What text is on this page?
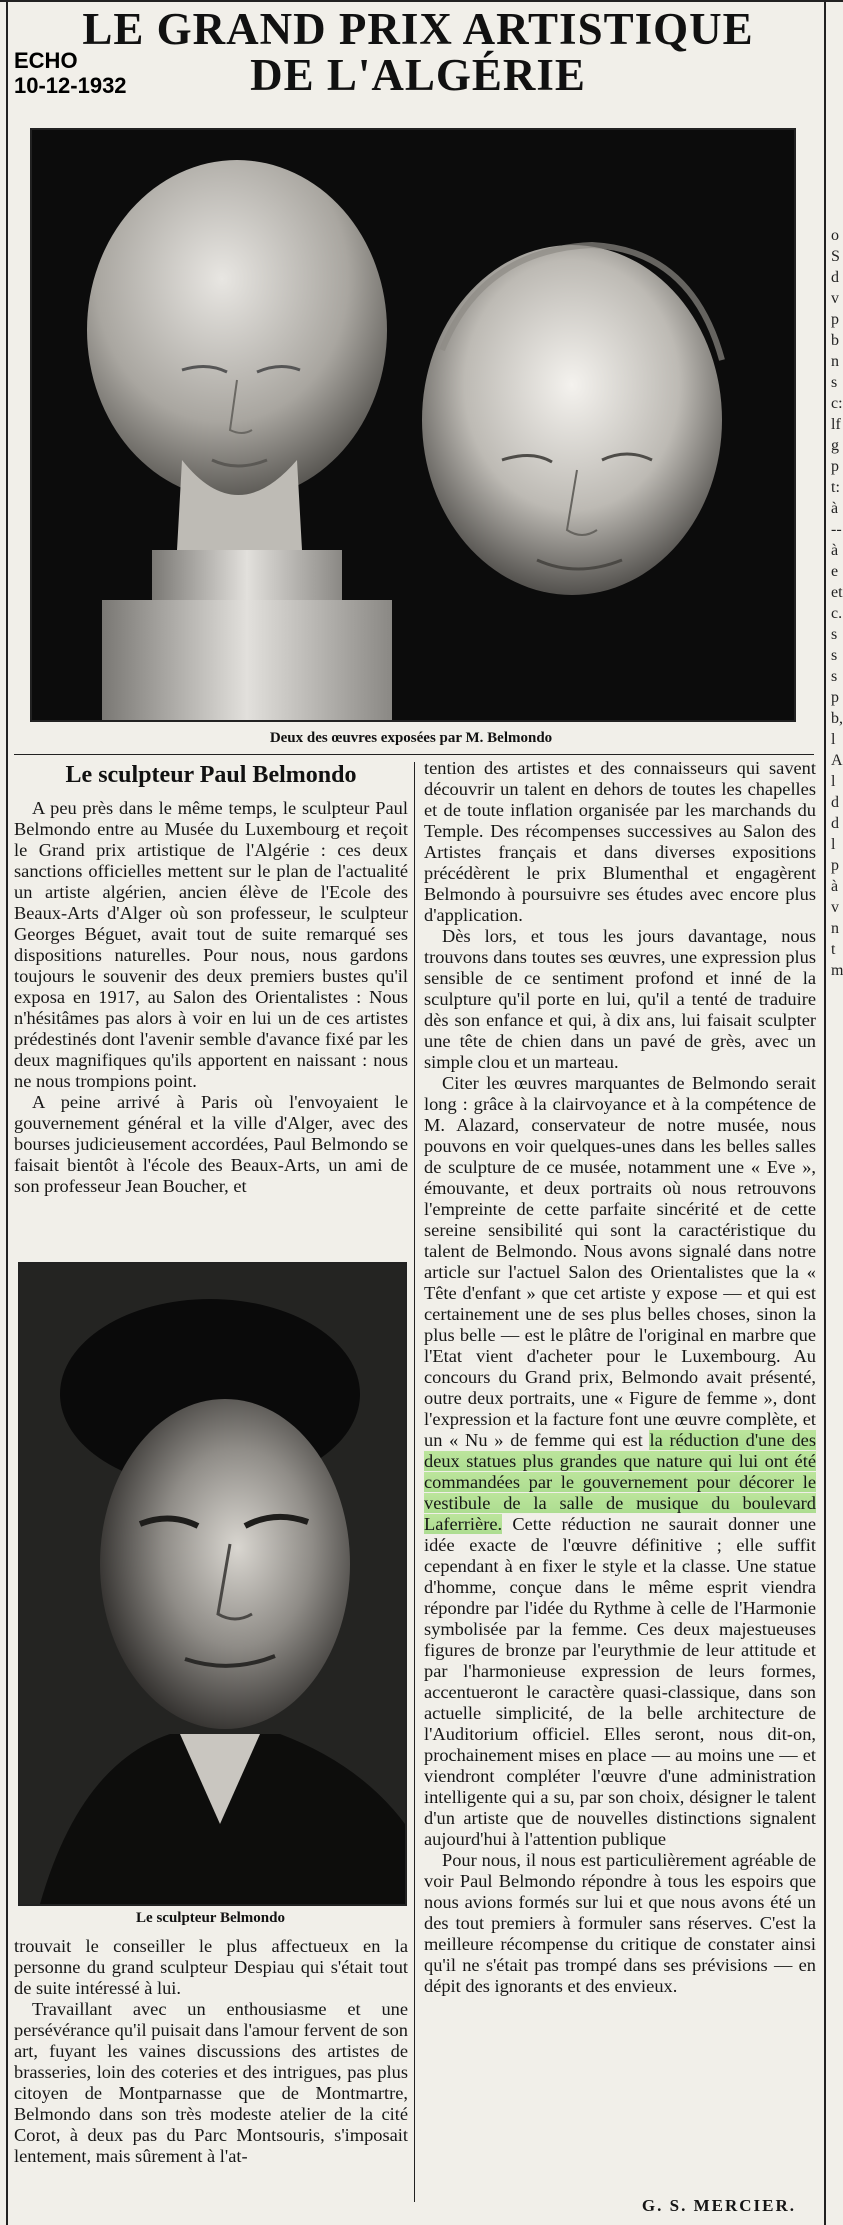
ECHO
10-12-1932
LE GRAND PRIX ARTISTIQUE
DE L'ALGÉRIE
Deux des œuvres exposées par M. Belmondo
Le sculpteur Paul Belmondo

A peu près dans le même temps, le sculpteur Paul Belmondo entre au Musée du Luxembourg et reçoit le Grand prix artistique de l'Algérie : ces deux sanctions officielles mettent sur le plan de l'actualité un artiste algérien, ancien élève de l'Ecole des Beaux-Arts d'Alger où son professeur, le sculpteur Georges Béguet, avait tout de suite remarqué ses dispositions naturelles. Pour nous, nous gardons toujours le souvenir des deux premiers bustes qu'il exposa en 1917, au Salon des Orientalistes : Nous n'hésitâmes pas alors à voir en lui un de ces artistes prédestinés dont l'avenir semble d'avance fixé par les deux magnifiques qu'ils apportent en naissant : nous ne nous trompions point.

A peine arrivé à Paris où l'envoyaient le gouvernement général et la ville d'Alger, avec des bourses judicieusement accordées, Paul Belmondo se faisait bientôt à l'école des Beaux-Arts, un ami de son professeur Jean Boucher, et

Le sculpteur Belmondo

trouvait le conseiller le plus affectueux en la personne du grand sculpteur Despiau qui s'était tout de suite intéressé à lui.

Travaillant avec un enthousiasme et une persévérance qu'il puisait dans l'amour fervent de son art, fuyant les vaines discussions des artistes de brasseries, loin des coteries et des intrigues, pas plus citoyen de Montparnasse que de Montmartre, Belmondo dans son très modeste atelier de la cité Corot, à deux pas du Parc Montsouris, s'imposait lentement, mais sûrement à l'at-

tention des artistes et des connaisseurs qui savent découvrir un talent en dehors de toutes les chapelles et de toute inflation organisée par les marchands du Temple. Des récompenses successives au Salon des Artistes français et dans diverses expositions précédèrent le prix Blumenthal et engagèrent Belmondo à poursuivre ses études avec encore plus d'application.

Dès lors, et tous les jours davantage, nous trouvons dans toutes ses œuvres, une expression plus sensible de ce sentiment profond et inné de la sculpture qu'il porte en lui, qu'il a tenté de traduire dès son enfance et qui, à dix ans, lui faisait sculpter une tête de chien dans un pavé de grès, avec un simple clou et un marteau.

Citer les œuvres marquantes de Belmondo serait long : grâce à la clairvoyance et à la compétence de M. Alazard, conservateur de notre musée, nous pouvons en voir quelques-unes dans les belles salles de sculpture de ce musée, notamment une « Eve », émouvante, et deux portraits où nous retrouvons l'empreinte de cette parfaite sincérité et de cette sereine sensibilité qui sont la caractéristique du talent de Belmondo. Nous avons signalé dans notre article sur l'actuel Salon des Orientalistes que la « Tête d'enfant » que cet artiste y expose — et qui est certainement une de ses plus belles choses, sinon la plus belle — est le plâtre de l'original en marbre que l'Etat vient d'acheter pour le Luxembourg. Au concours du Grand prix, Belmondo avait présenté, outre deux portraits, une « Figure de femme », dont l'expression et la facture font une œuvre complète, et un « Nu » de femme qui est la réduction d'une des deux statues plus grandes que nature qui lui ont été commandées par le gouvernement pour décorer le vestibule de la salle de musique du boulevard Laferrière. Cette réduction ne saurait donner une idée exacte de l'œuvre définitive ; elle suffit cependant à en fixer le style et la classe. Une statue d'homme, conçue dans le même esprit viendra répondre par l'idée du Rythme à celle de l'Harmonie symbolisée par la femme. Ces deux majestueuses figures de bronze par l'eurythmie de leur attitude et par l'harmonieuse expression de leurs formes, accentueront le caractère quasi-classique, dans son actuelle simplicité, de la belle architecture de l'Auditorium officiel. Elles seront, nous dit-on, prochainement mises en place — au moins une — et viendront compléter l'œuvre d'une administration intelligente qui a su, par son choix, désigner le talent d'un artiste que de nouvelles distinctions signalent aujourd'hui à l'attention publique

Pour nous, il nous est particulièrement agréable de voir Paul Belmondo répondre à tous les espoirs que nous avions formés sur lui et que nous avons été un des tout premiers à formuler sans réserves. C'est la meilleure récompense du critique de constater ainsi qu'il ne s'était pas trompé dans ses prévisions — en dépit des ignorants et des envieux.

G. S. MERCIER.
oSdvpbnsc:lfgpt:à--àeetc.ssspb,lAlddlpàvntm
